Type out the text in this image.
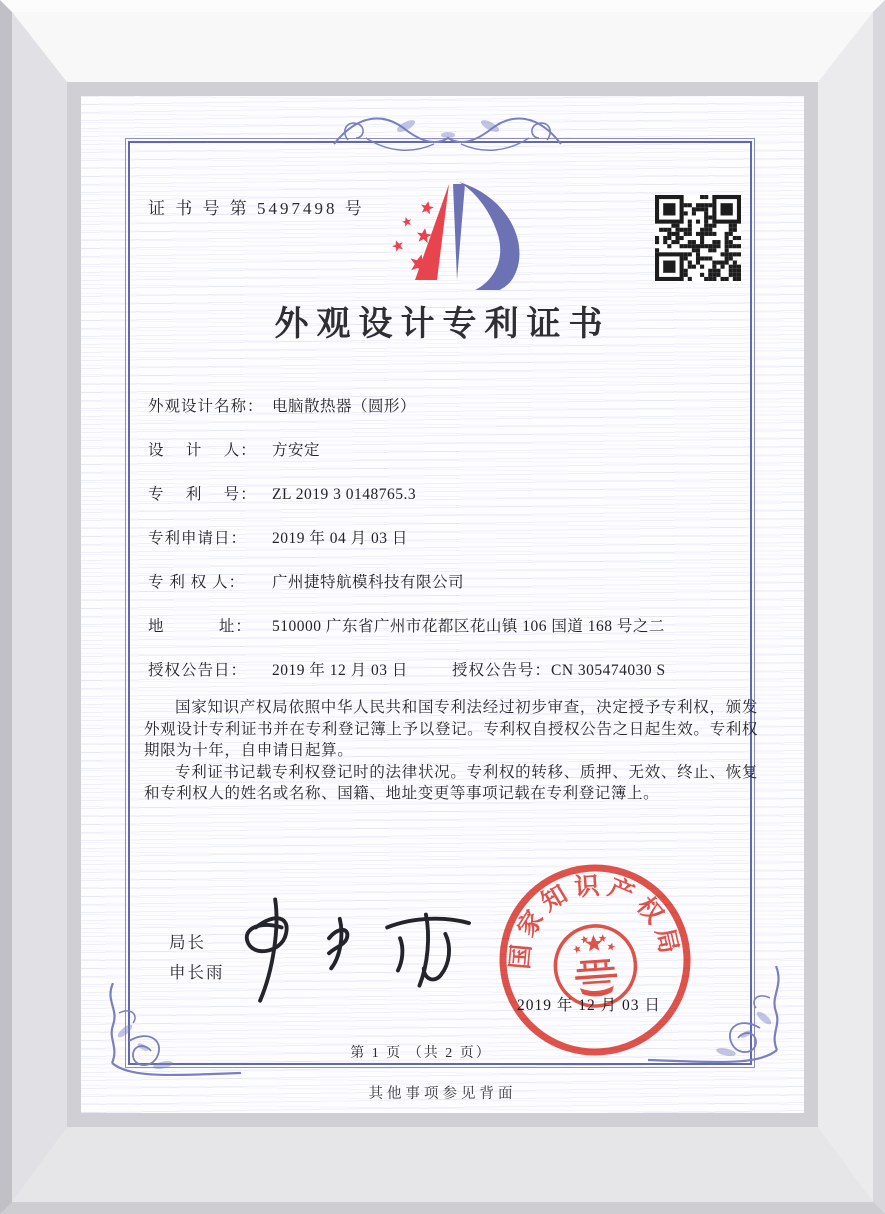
证 书 号 第 5497498 号
外观设计专利证书
外观设计名称： 电脑散热器（圆形）
设　 计　 人： 方安定
专　 利　 号： ZL 2019 3 0148765.3
专利申请日：	2019 年 04 月 03 日
专 利 权 人：	广州捷特航模科技有限公司
地　　　 址：	510000 广东省广州市花都区花山镇 106 国道 168 号之二
授权公告日：	2019 年 12 月 03 日	授权公告号： CN 305474030 S

国家知识产权局依照中华人民共和国专利法经过初步审查，决定授予专利权，颁发外观设计专利证书并在专利登记簿上予以登记。专利权自授权公告之日起生效。专利权期限为十年，自申请日起算。

专利证书记载专利权登记时的法律状况。专利权的转移、质押、无效、终止、恢复和专利权人的姓名或名称、国籍、地址变更等事项记载在专利登记簿上。

局长
申长雨
国家知识产权局
2019 年 12 月 03 日
第 1 页 （共 2 页）
其他事项参见背面
